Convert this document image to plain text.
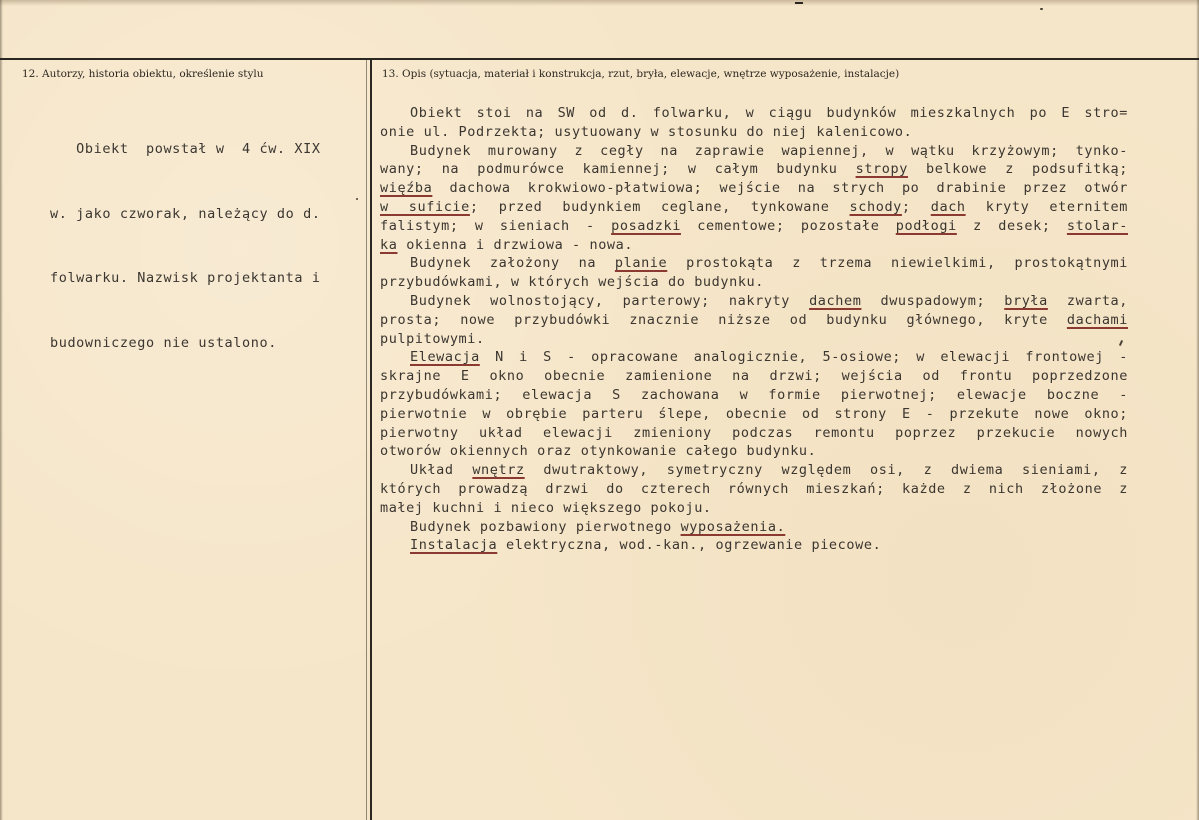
12. Autorzy, historia obiektu, określenie stylu	13. Opis (sytuacja, materiał i konstrukcja, rzut, bryła, elewacje, wnętrze wyposażenie, instalacje)

Obiekt  powstał w  4 ćw. XIX

w. jako czworak, należący do d.

folwarku. Nazwisk projektanta i

budowniczego nie ustalono.

Obiekt stoi na SW od d. folwarku, w ciągu budynków mieszkalnych po E stro=
onie ul. Podrzekta; usytuowany w stosunku do niej kalenicowo.
Budynek murowany z cegły na zaprawie wapiennej, w wątku krzyżowym; tynko-
wany; na podmurówce kamiennej; w całym budynku stropy belkowe z podsufitką;
więźba dachowa krokwiowo-płatwiowa; wejście na strych po drabinie przez otwór
w suficie; przed budynkiem ceglane, tynkowane schody; dach kryty eternitem
falistym; w sieniach - posadzki cementowe; pozostałe podłogi z desek; stolar-
ka okienna i drzwiowa - nowa.
Budynek założony na planie prostokąta z trzema niewielkimi, prostokątnymi
przybudówkami, w których wejścia do budynku.
Budynek wolnostojący, parterowy; nakryty dachem dwuspadowym; bryła zwarta,
prosta; nowe przybudówki znacznie niższe od budynku głównego, kryte dachami
pulpitowymi.
Elewacja N i S - opracowane analogicznie, 5-osiowe; w elewacji frontowej -
skrajne E okno obecnie zamienione na drzwi; wejścia od frontu poprzedzone
przybudówkami; elewacja S zachowana w formie pierwotnej; elewacje boczne -
pierwotnie w obrębie parteru ślepe, obecnie od strony E - przekute nowe okno;
pierwotny układ elewacji zmieniony podczas remontu poprzez przekucie nowych
otworów okiennych oraz otynkowanie całego budynku.
Układ wnętrz dwutraktowy, symetryczny względem osi, z dwiema sieniami, z
których prowadzą drzwi do czterech równych mieszkań; każde z nich złożone z
małej kuchni i nieco większego pokoju.
Budynek pozbawiony pierwotnego wyposażenia.
Instalacja elektryczna, wod.-kan., ogrzewanie piecowe.
